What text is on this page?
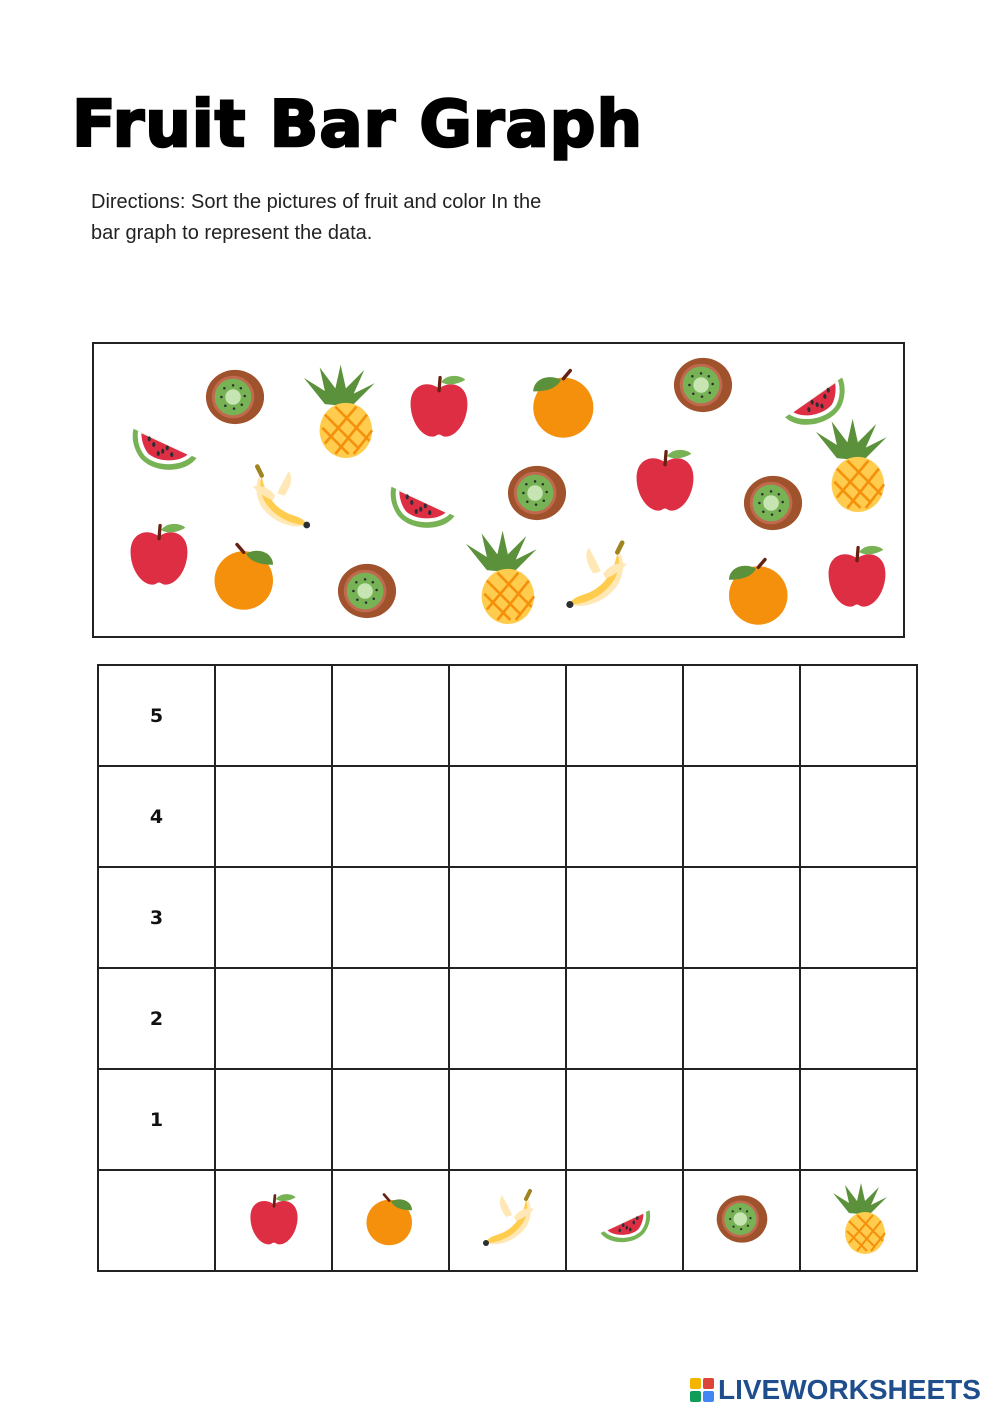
Fruit Bar Graph

Directions: Sort the pictures of fruit and color In the bar graph to represent the data.

5						
4						
3						
2						
1						

LIVEWORKSHEETS
